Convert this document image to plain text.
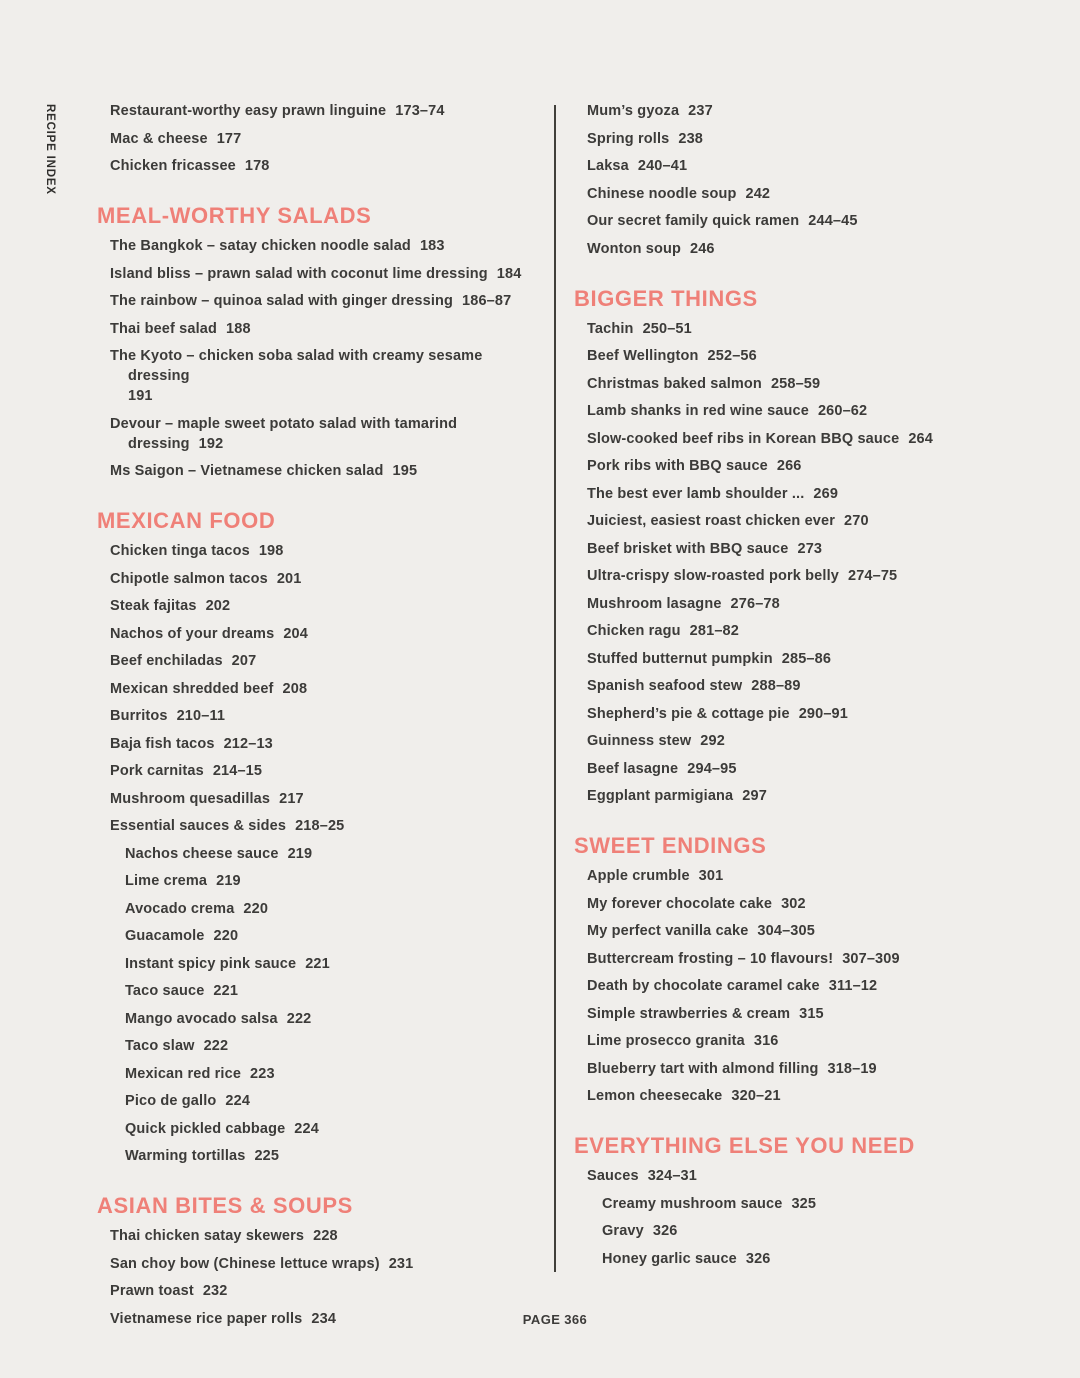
RECIPE INDEX	Restaurant-worthy easy prawn linguine 173–74
Mac & cheese 177
Chicken fricassee 178
MEAL-WORTHY SALADS
The Bangkok – satay chicken noodle salad 183
Island bliss – prawn salad with coconut lime dressing 184
The rainbow – quinoa salad with ginger dressing 186–87
Thai beef salad 188
The Kyoto – chicken soba salad with creamy sesame dressing
191
Devour – maple sweet potato salad with tamarind dressing 192
Ms Saigon – Vietnamese chicken salad 195
MEXICAN FOOD
Chicken tinga tacos 198
Chipotle salmon tacos 201
Steak fajitas 202
Nachos of your dreams 204
Beef enchiladas 207
Mexican shredded beef 208
Burritos 210–11
Baja fish tacos 212–13
Pork carnitas 214–15
Mushroom quesadillas 217
Essential sauces & sides 218–25
Nachos cheese sauce 219
Lime crema 219
Avocado crema 220
Guacamole 220
Instant spicy pink sauce 221
Taco sauce 221
Mango avocado salsa 222
Taco slaw 222
Mexican red rice 223
Pico de gallo 224
Quick pickled cabbage 224
Warming tortillas 225
ASIAN BITES & SOUPS
Thai chicken satay skewers 228
San choy bow (Chinese lettuce wraps) 231
Prawn toast 232
Vietnamese rice paper rolls 234
Mum’s gyoza 237
Spring rolls 238
Laksa 240–41
Chinese noodle soup 242
Our secret family quick ramen 244–45
Wonton soup 246
BIGGER THINGS
Tachin 250–51
Beef Wellington 252–56
Christmas baked salmon 258–59
Lamb shanks in red wine sauce 260–62
Slow-cooked beef ribs in Korean BBQ sauce 264
Pork ribs with BBQ sauce 266
The best ever lamb shoulder ... 269
Juiciest, easiest roast chicken ever 270
Beef brisket with BBQ sauce 273
Ultra-crispy slow-roasted pork belly 274–75
Mushroom lasagne 276–78
Chicken ragu 281–82
Stuffed butternut pumpkin 285–86
Spanish seafood stew 288–89
Shepherd’s pie & cottage pie 290–91
Guinness stew 292
Beef lasagne 294–95
Eggplant parmigiana 297
SWEET ENDINGS
Apple crumble 301
My forever chocolate cake 302
My perfect vanilla cake 304–305
Buttercream frosting – 10 flavours! 307–309
Death by chocolate caramel cake 311–12
Simple strawberries & cream 315
Lime prosecco granita 316
Blueberry tart with almond filling 318–19
Lemon cheesecake 320–21
EVERYTHING ELSE YOU NEED
Sauces 324–31
Creamy mushroom sauce 325
Gravy 326
Honey garlic sauce 326
PAGE 366
